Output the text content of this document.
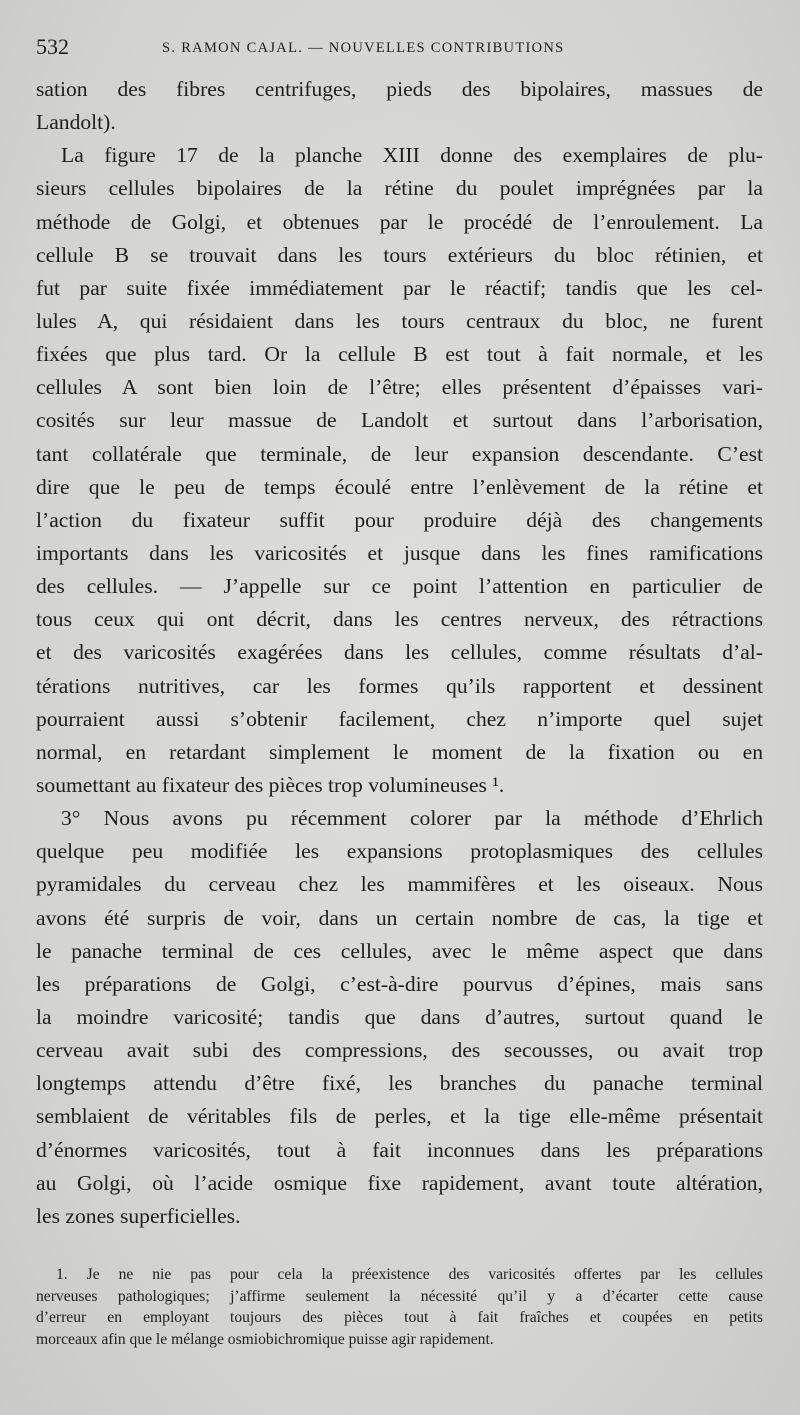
532	S. RAMON CAJAL. — NOUVELLES CONTRIBUTIONS
sation des fibres centrifuges, pieds des bipolaires, massues de
Landolt).
La figure 17 de la planche XIII donne des exemplaires de plu-
sieurs cellules bipolaires de la rétine du poulet imprégnées par la
méthode de Golgi, et obtenues par le procédé de l’enroulement. La
cellule B se trouvait dans les tours extérieurs du bloc rétinien, et
fut par suite fixée immédiatement par le réactif; tandis que les cel-
lules A, qui résidaient dans les tours centraux du bloc, ne furent
fixées que plus tard. Or la cellule B est tout à fait normale, et les
cellules A sont bien loin de l’être; elles présentent d’épaisses vari-
cosités sur leur massue de Landolt et surtout dans l’arborisation,
tant collatérale que terminale, de leur expansion descendante. C’est
dire que le peu de temps écoulé entre l’enlèvement de la rétine et
l’action du fixateur suffit pour produire déjà des changements
importants dans les varicosités et jusque dans les fines ramifications
des cellules. — J’appelle sur ce point l’attention en particulier de
tous ceux qui ont décrit, dans les centres nerveux, des rétractions
et des varicosités exagérées dans les cellules, comme résultats d’al-
térations nutritives, car les formes qu’ils rapportent et dessinent
pourraient aussi s’obtenir facilement, chez n’importe quel sujet
normal, en retardant simplement le moment de la fixation ou en
soumettant au fixateur des pièces trop volumineuses ¹.
3° Nous avons pu récemment colorer par la méthode d’Ehrlich
quelque peu modifiée les expansions protoplasmiques des cellules
pyramidales du cerveau chez les mammifères et les oiseaux. Nous
avons été surpris de voir, dans un certain nombre de cas, la tige et
le panache terminal de ces cellules, avec le même aspect que dans
les préparations de Golgi, c’est-à-dire pourvus d’épines, mais sans
la moindre varicosité; tandis que dans d’autres, surtout quand le
cerveau avait subi des compressions, des secousses, ou avait trop
longtemps attendu d’être fixé, les branches du panache terminal
semblaient de véritables fils de perles, et la tige elle-même présentait
d’énormes varicosités, tout à fait inconnues dans les préparations
au Golgi, où l’acide osmique fixe rapidement, avant toute altération,
les zones superficielles.
1. Je ne nie pas pour cela la préexistence des varicosités offertes par les cellules
nerveuses pathologiques; j’affirme seulement la nécessité qu’il y a d’écarter cette cause
d’erreur en employant toujours des pièces tout à fait fraîches et coupées en petits
morceaux afin que le mélange osmiobichromique puisse agir rapidement.
